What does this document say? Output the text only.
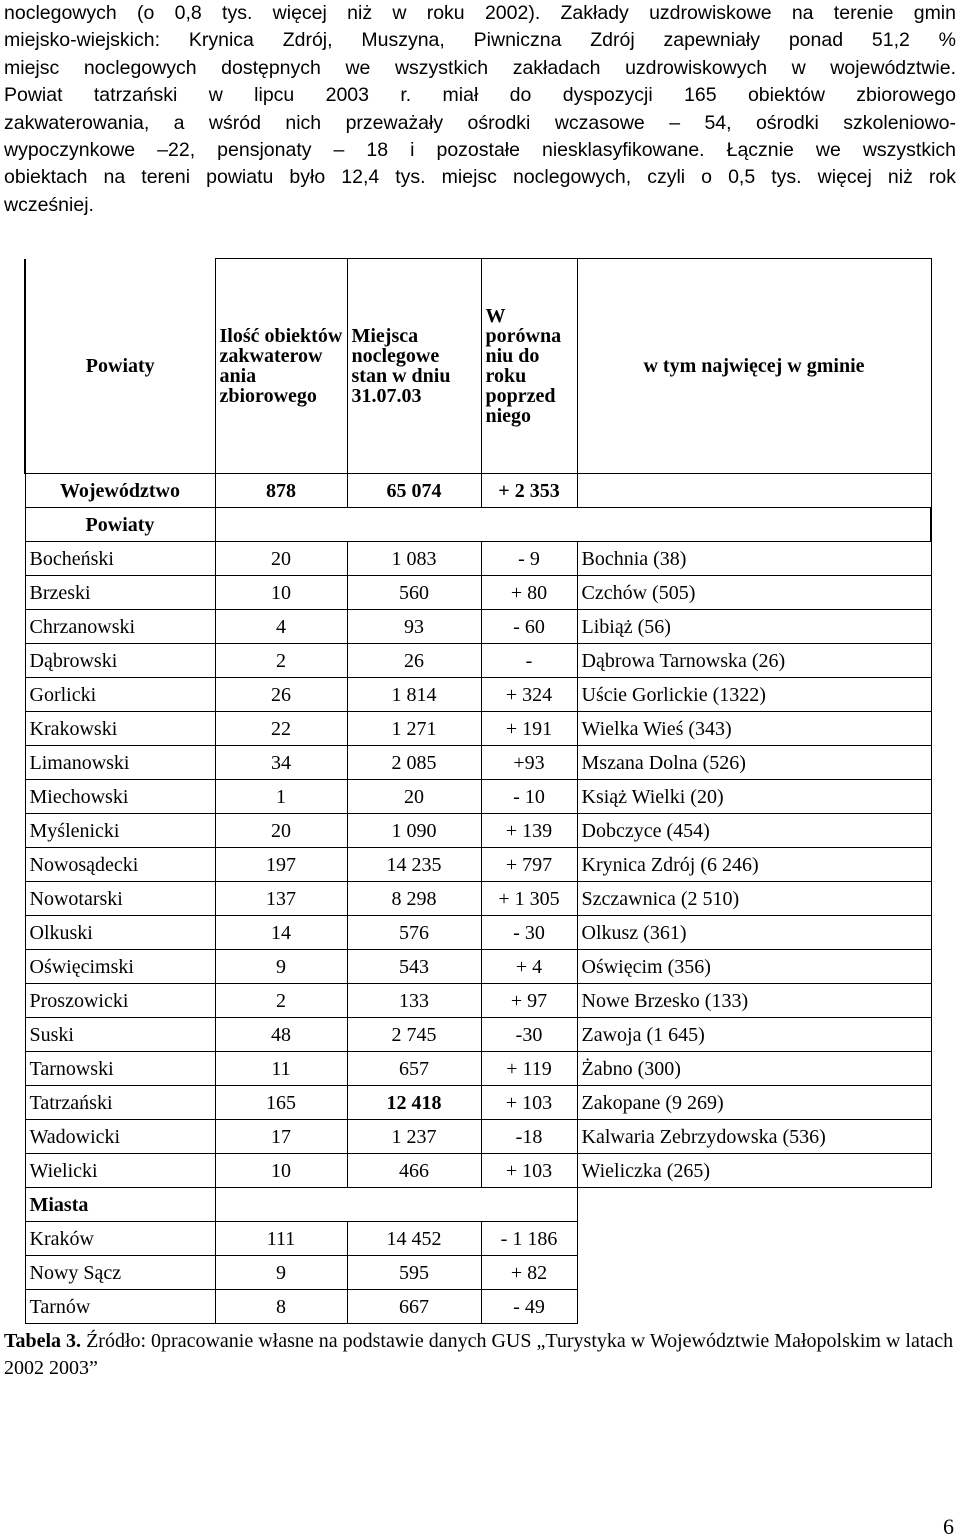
noclegowych (o 0,8 tys. więcej niż w roku 2002). Zakłady uzdrowiskowe na terenie gmin
miejsko-wiejskich: Krynica Zdrój, Muszyna, Piwniczna Zdrój zapewniały ponad 51,2 %
miejsc noclegowych dostępnych we wszystkich zakładach uzdrowiskowych w województwie.
Powiat tatrzański w lipcu 2003 r. miał do dyspozycji 165 obiektów zbiorowego
zakwaterowania, a wśród nich przeważały ośrodki wczasowe – 54, ośrodki szkoleniowo-
wypoczynkowe –22, pensjonaty – 18 i pozostałe niesklasyfikowane. Łącznie we wszystkich
obiektach na tereni powiatu było 12,4 tys. miejsc noclegowych, czyli o 0,5 tys. więcej niż rok
wcześniej.
Powiaty	Ilość obiektów zakwaterow ania zbiorowego	Miejsca noclegowe stan w dniu 31.07.03	W porówna niu do roku poprzed niego	w tym najwięcej w gminie
Województwo	878	65 074	+ 2 353	
Powiaty				
Bocheński	20	1 083	- 9	Bochnia (38)
Brzeski	10	560	+ 80	Czchów (505)
Chrzanowski	4	93	- 60	Libiąż (56)
Dąbrowski	2	26	-	Dąbrowa Tarnowska (26)
Gorlicki	26	1 814	+ 324	Uście Gorlickie (1322)
Krakowski	22	1 271	+ 191	Wielka Wieś (343)
Limanowski	34	2 085	+93	Mszana Dolna (526)
Miechowski	1	20	- 10	Książ Wielki (20)
Myślenicki	20	1 090	+ 139	Dobczyce (454)
Nowosądecki	197	14 235	+ 797	Krynica Zdrój (6 246)
Nowotarski	137	8 298	+ 1 305	Szczawnica (2 510)
Olkuski	14	576	- 30	Olkusz (361)
Oświęcimski	9	543	+ 4	Oświęcim (356)
Proszowicki	2	133	+ 97	Nowe Brzesko (133)
Suski	48	2 745	-30	Zawoja (1 645)
Tarnowski	11	657	+ 119	Żabno (300)
Tatrzański	165	12 418	+ 103	Zakopane (9 269)
Wadowicki	17	1 237	-18	Kalwaria Zebrzydowska (536)
Wielicki	10	466	+ 103	Wieliczka (265)
Miasta				
Kraków	111	14 452	- 1 186	
Nowy Sącz	9	595	+ 82	
Tarnów	8	667	- 49	
Tabela 3. Źródło: 0pracowanie własne na podstawie danych GUS „Turystyka w Województwie Małopolskim w latach 2002 2003”
6
